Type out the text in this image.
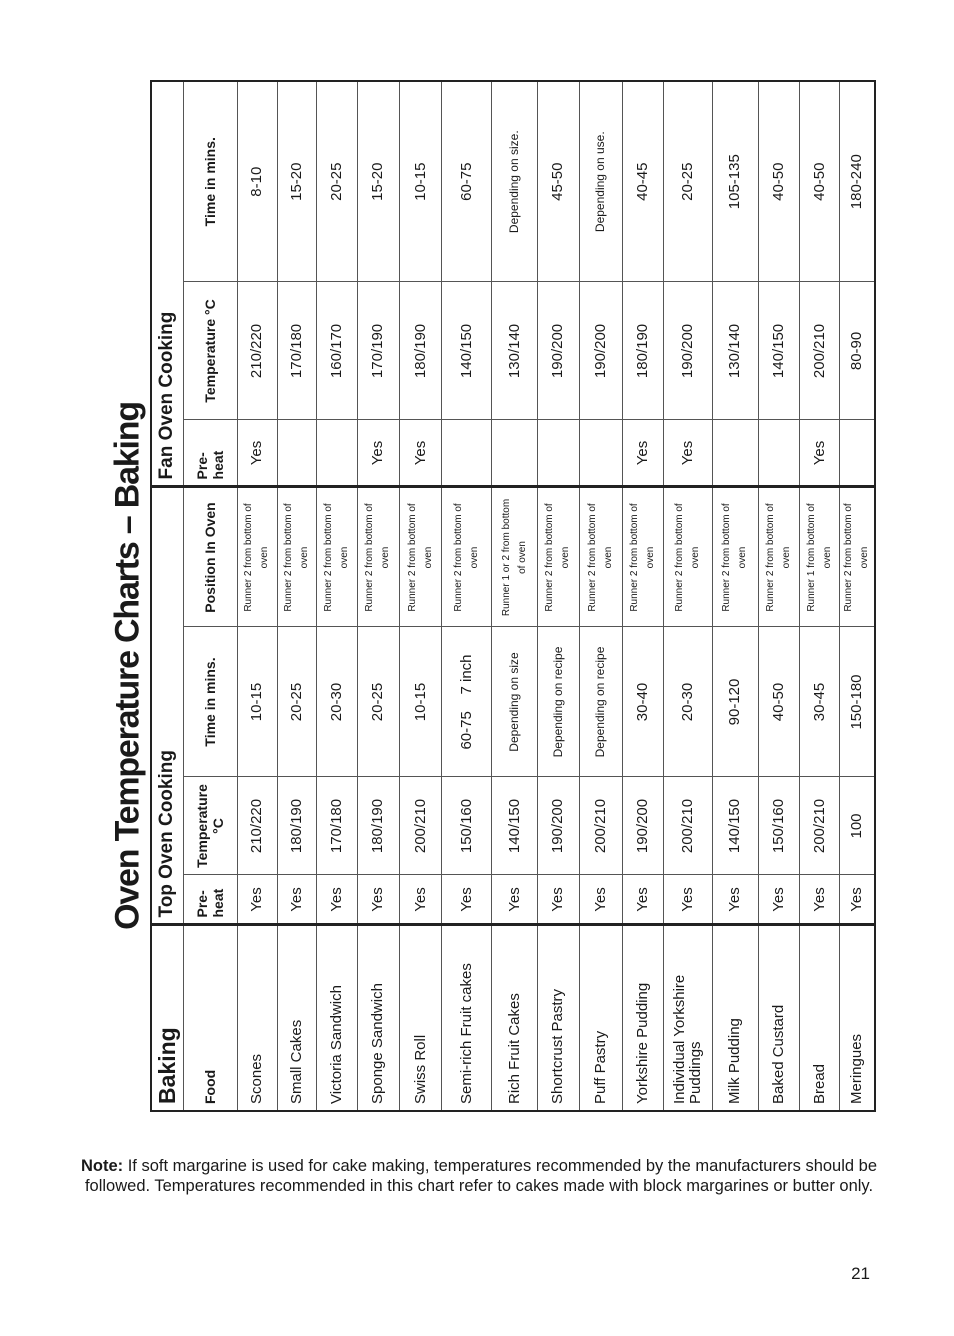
Oven Temperature Charts – Baking
Baking	Top Oven Cooking				Fan Oven Cooking		
Food	Pre- heat	Temperature °C	Time in mins.	Position In Oven	Pre- heat	Temperature °C	Time in mins.
Scones	Yes	210/220	10-15	Runner 2 from bottom of oven	Yes	210/220	8-10
Small Cakes	Yes	180/190	20-25	Runner 2 from bottom of oven		170/180	15-20
Victoria Sandwich	Yes	170/180	20-30	Runner 2 from bottom of oven		160/170	20-25
Sponge Sandwich	Yes	180/190	20-25	Runner 2 from bottom of oven	Yes	170/190	15-20
Swiss Roll	Yes	200/210	10-15	Runner 2 from bottom of oven	Yes	180/190	10-15
Semi-rich Fruit cakes	Yes	150/160	60-75    7 inch	Runner 2 from bottom of oven		140/150	60-75
Rich Fruit Cakes	Yes	140/150	Depending on size	Runner 1 or 2 from bottom of oven		130/140	Depending on size.
Shortcrust Pastry	Yes	190/200	Depending on recipe	Runner 2 from bottom of oven		190/200	45-50
Puff Pastry	Yes	200/210	Depending on recipe	Runner 2 from bottom of oven		190/200	Depending on use.
Yorkshire Pudding	Yes	190/200	30-40	Runner 2 from bottom of oven	Yes	180/190	40-45
Individual Yorkshire Puddings	Yes	200/210	20-30	Runner 2 from bottom of oven	Yes	190/200	20-25
Milk Pudding	Yes	140/150	90-120	Runner 2 from bottom of oven		130/140	105-135
Baked Custard	Yes	150/160	40-50	Runner 2 from bottom of oven		140/150	40-50
Bread	Yes	200/210	30-45	Runner 1 from bottom of oven	Yes	200/210	40-50
Meringues	Yes	100	150-180	Runner 2 from bottom of oven		80-90	180-240
Note: If soft margarine is used for cake making, temperatures recommended by the manufacturers should be followed. Temperatures recommended in this chart refer to cakes made with block margarines or butter only.
21
